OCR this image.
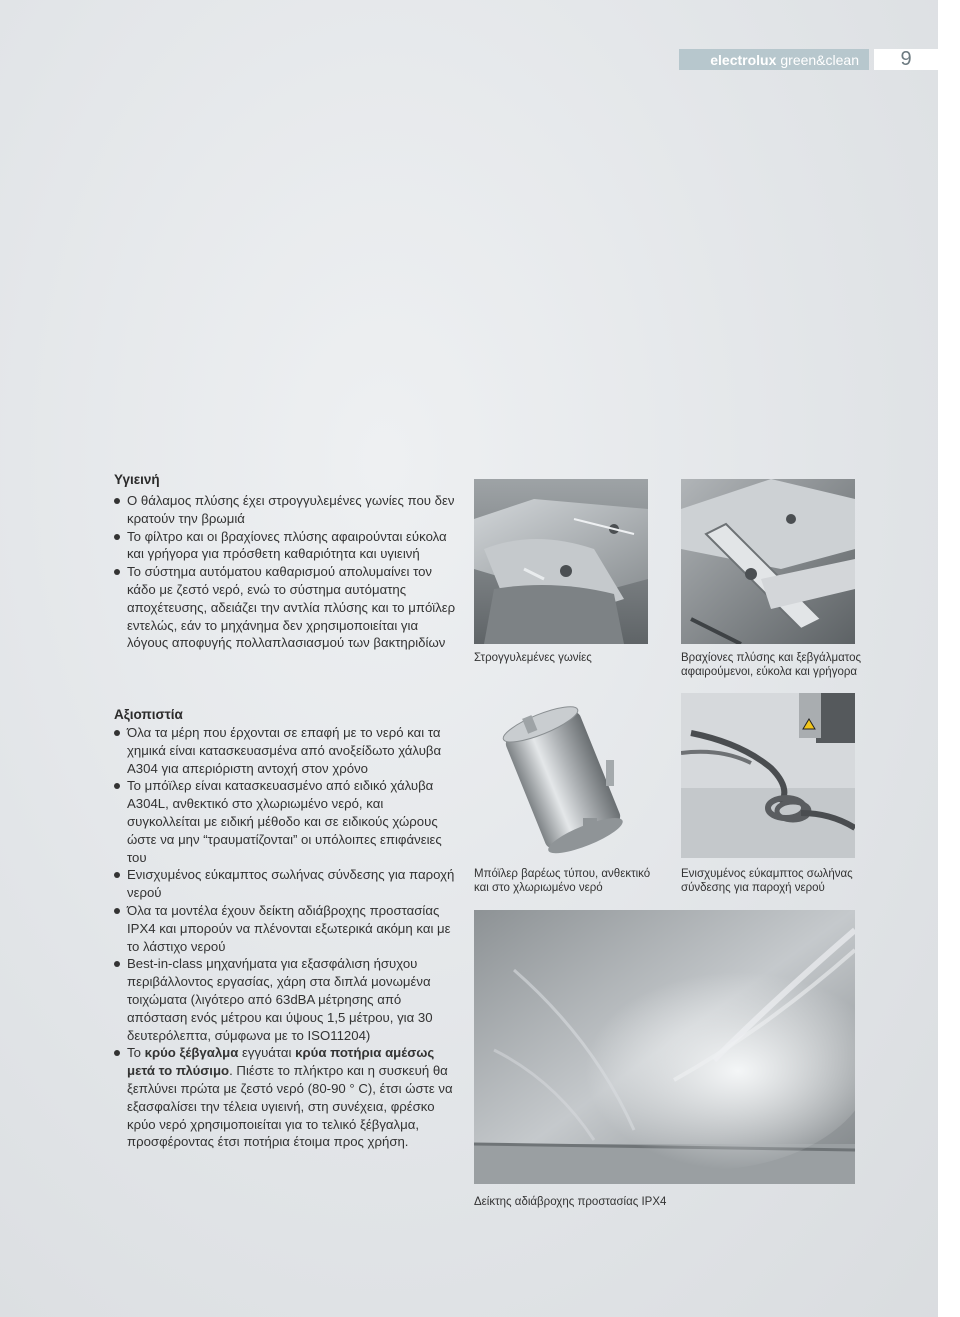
electrolux green&clean	9
Υγιεινή
Ο θάλαμος πλύσης έχει στρογγυλεμένες γωνίες που δεν κρατούν την βρωμιά
Το φίλτρο και οι βραχίονες πλύσης αφαιρούνται εύκολα και γρήγορα για πρόσθετη καθαριότητα και υγιεινή
Το σύστημα αυτόματου καθαρισμού απολυμαίνει τον κάδο με ζεστό νερό, ενώ το σύστημα αυτόματης αποχέτευσης, αδειάζει την αντλία πλύσης και το μπόϊλερ εντελώς, εάν το μηχάνημα δεν χρησιμοποιείται για λόγους αποφυγής πολλαπλασιασμού των βακτηριδίων
Αξιοπιστία
Όλα τα μέρη που έρχονται σε επαφή με το νερό και τα χημικά είναι κατασκευασμένα από ανοξείδωτο χάλυβα A304 για απεριόριστη αντοχή στον χρόνο
Το μπόϊλερ είναι κατασκευασμένο από ειδικό χάλυβα A304L, ανθεκτικό στο χλωριωμένο νερό, και συγκολλείται με ειδική μέθοδο και σε ειδικούς χώρους ώστε να μην “τραυματίζονται” οι υπόλοιπες επιφάνειες του
Ενισχυμένος εύκαμπτος σωλήνας σύνδεσης για παροχή νερού
Όλα τα μοντέλα έχουν δείκτη αδιάβροχης προστασίας IPX4 και μπορούν να πλένονται εξωτερικά ακόμη και με το λάστιχο νερού
Best-in-class μηχανήματα για εξασφάλιση ήσυχου περιβάλλοντος εργασίας, χάρη στα διπλά μονωμένα τοιχώματα (λιγότερο από 63dBA μέτρησης από απόσταση ενός μέτρου και ύψους 1,5 μέτρου, για 30 δευτερόλεπτα, σύμφωνα με το ISO11204)
Το κρύο ξέβγαλμα εγγυάται κρύα ποτήρια αμέσως μετά το πλύσιμο. Πιέστε το πλήκτρο και η συσκευή θα ξεπλύνει πρώτα με ζεστό νερό (80-90 ° C), έτσι ώστε να εξασφαλίσει την τέλεια υγιεινή, στη συνέχεια, φρέσκο κρύο νερό χρησιμοποιείται για το τελικό ξέβγαλμα, προσφέροντας έτσι ποτήρια έτοιμα προς χρήση.
Στρογγυλεμένες γωνίες	Βραχίονες πλύσης και ξεβγάλματος αφαιρούμενοι, εύκολα και γρήγορα
Μπόϊλερ βαρέως τύπου, ανθεκτικό και στο χλωριωμένο νερό
Ενισχυμένος εύκαμπτος σωλήνας σύνδεσης για παροχή νερού
Δείκτης αδιάβροχης προστασίας IPX4
